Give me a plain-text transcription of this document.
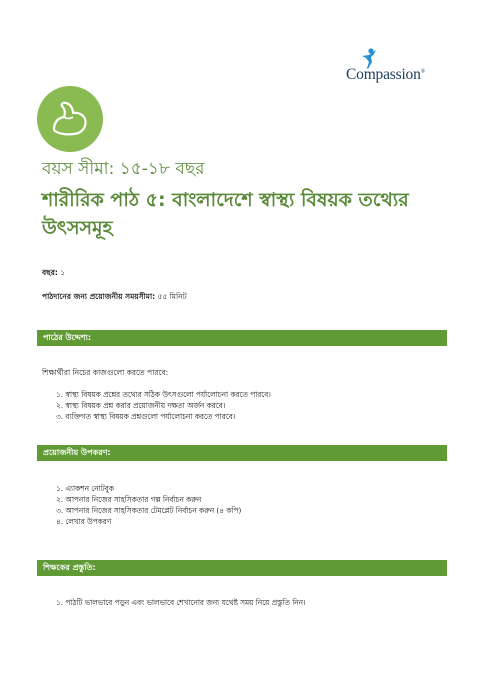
Compassion®
বয়স সীমা: ১৫-১৮ বছর
শারীরিক পাঠ ৫: বাংলাদেশে স্বাস্থ্য বিষয়ক তথ্যের উৎসসমূহ
বছর: ১
পাঠদানের জন্য প্রয়োজনীয় সময়সীমা: ৫৫ মিনিট
পাঠের উদ্দেশ্য:
শিক্ষার্থীরা নিচের কাজগুলো করতে পারবে:
১. স্বাস্থ্য বিষয়ক প্রশ্নের তথ্যের সঠিক উৎসগুলো পর্যালোচনা করতে পারবে।
২. স্বাস্থ্য বিষয়ক প্রশ্ন করার প্রয়োজনীয় দক্ষতা অর্জন করবে।
৩. ব্যক্তিগত স্বাস্থ্য বিষয়ক প্রশ্নগুলো পর্যালোচনা করতে পারবে।
প্রয়োজনীয় উপকরণ:
১. এ্যাকশন নোটবুক
২. আপনার নিজের সাহসিকতার গল্প নির্বাচন করুন
৩. আপনার নিজের সাহসিকতার টেমপ্লেট নির্বাচন করুন (৪ কপি)
৪. লেখার উপকরণ
শিক্ষকের প্রস্তুতি:
১. পাঠটি ভালভাবে পড়ুন এবং ভালভাবে শেখানোর জন্য যথেষ্ট সময় নিয়ে প্রস্তুতি নিন।
